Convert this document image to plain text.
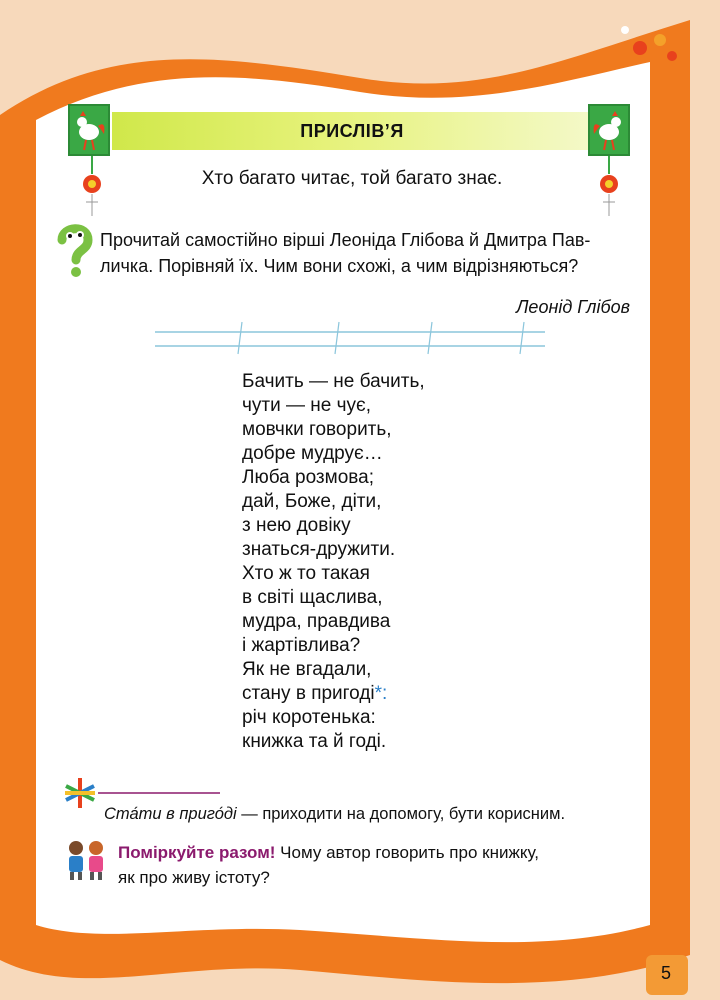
ПРИСЛІВ’Я
Хто багато читає, той багато знає.
Прочитай самостійно вірші Леоніда Глібова й Дмитра Пав-
личка. Порівняй їх. Чим вони схожі, а чим відрізняються?
Леонід Глібов
Бачить — не бачить,
чути — не чує,
мовчки говорить,
добре мудрує…
Люба розмова;
дай, Боже, діти,
з нею довіку
знаться-дружити.
Хто ж то такая
в світі щаслива,
мудра, правдива
і жартівлива?
Як не вгадали,
стану в пригоді*:
річ коротенька:
книжка та й годі.
Ста́ти в приго́ді — приходити на допомогу, бути корисним.
Поміркуйте разом! Чому автор говорить про книжку,
як про живу істоту?
5
